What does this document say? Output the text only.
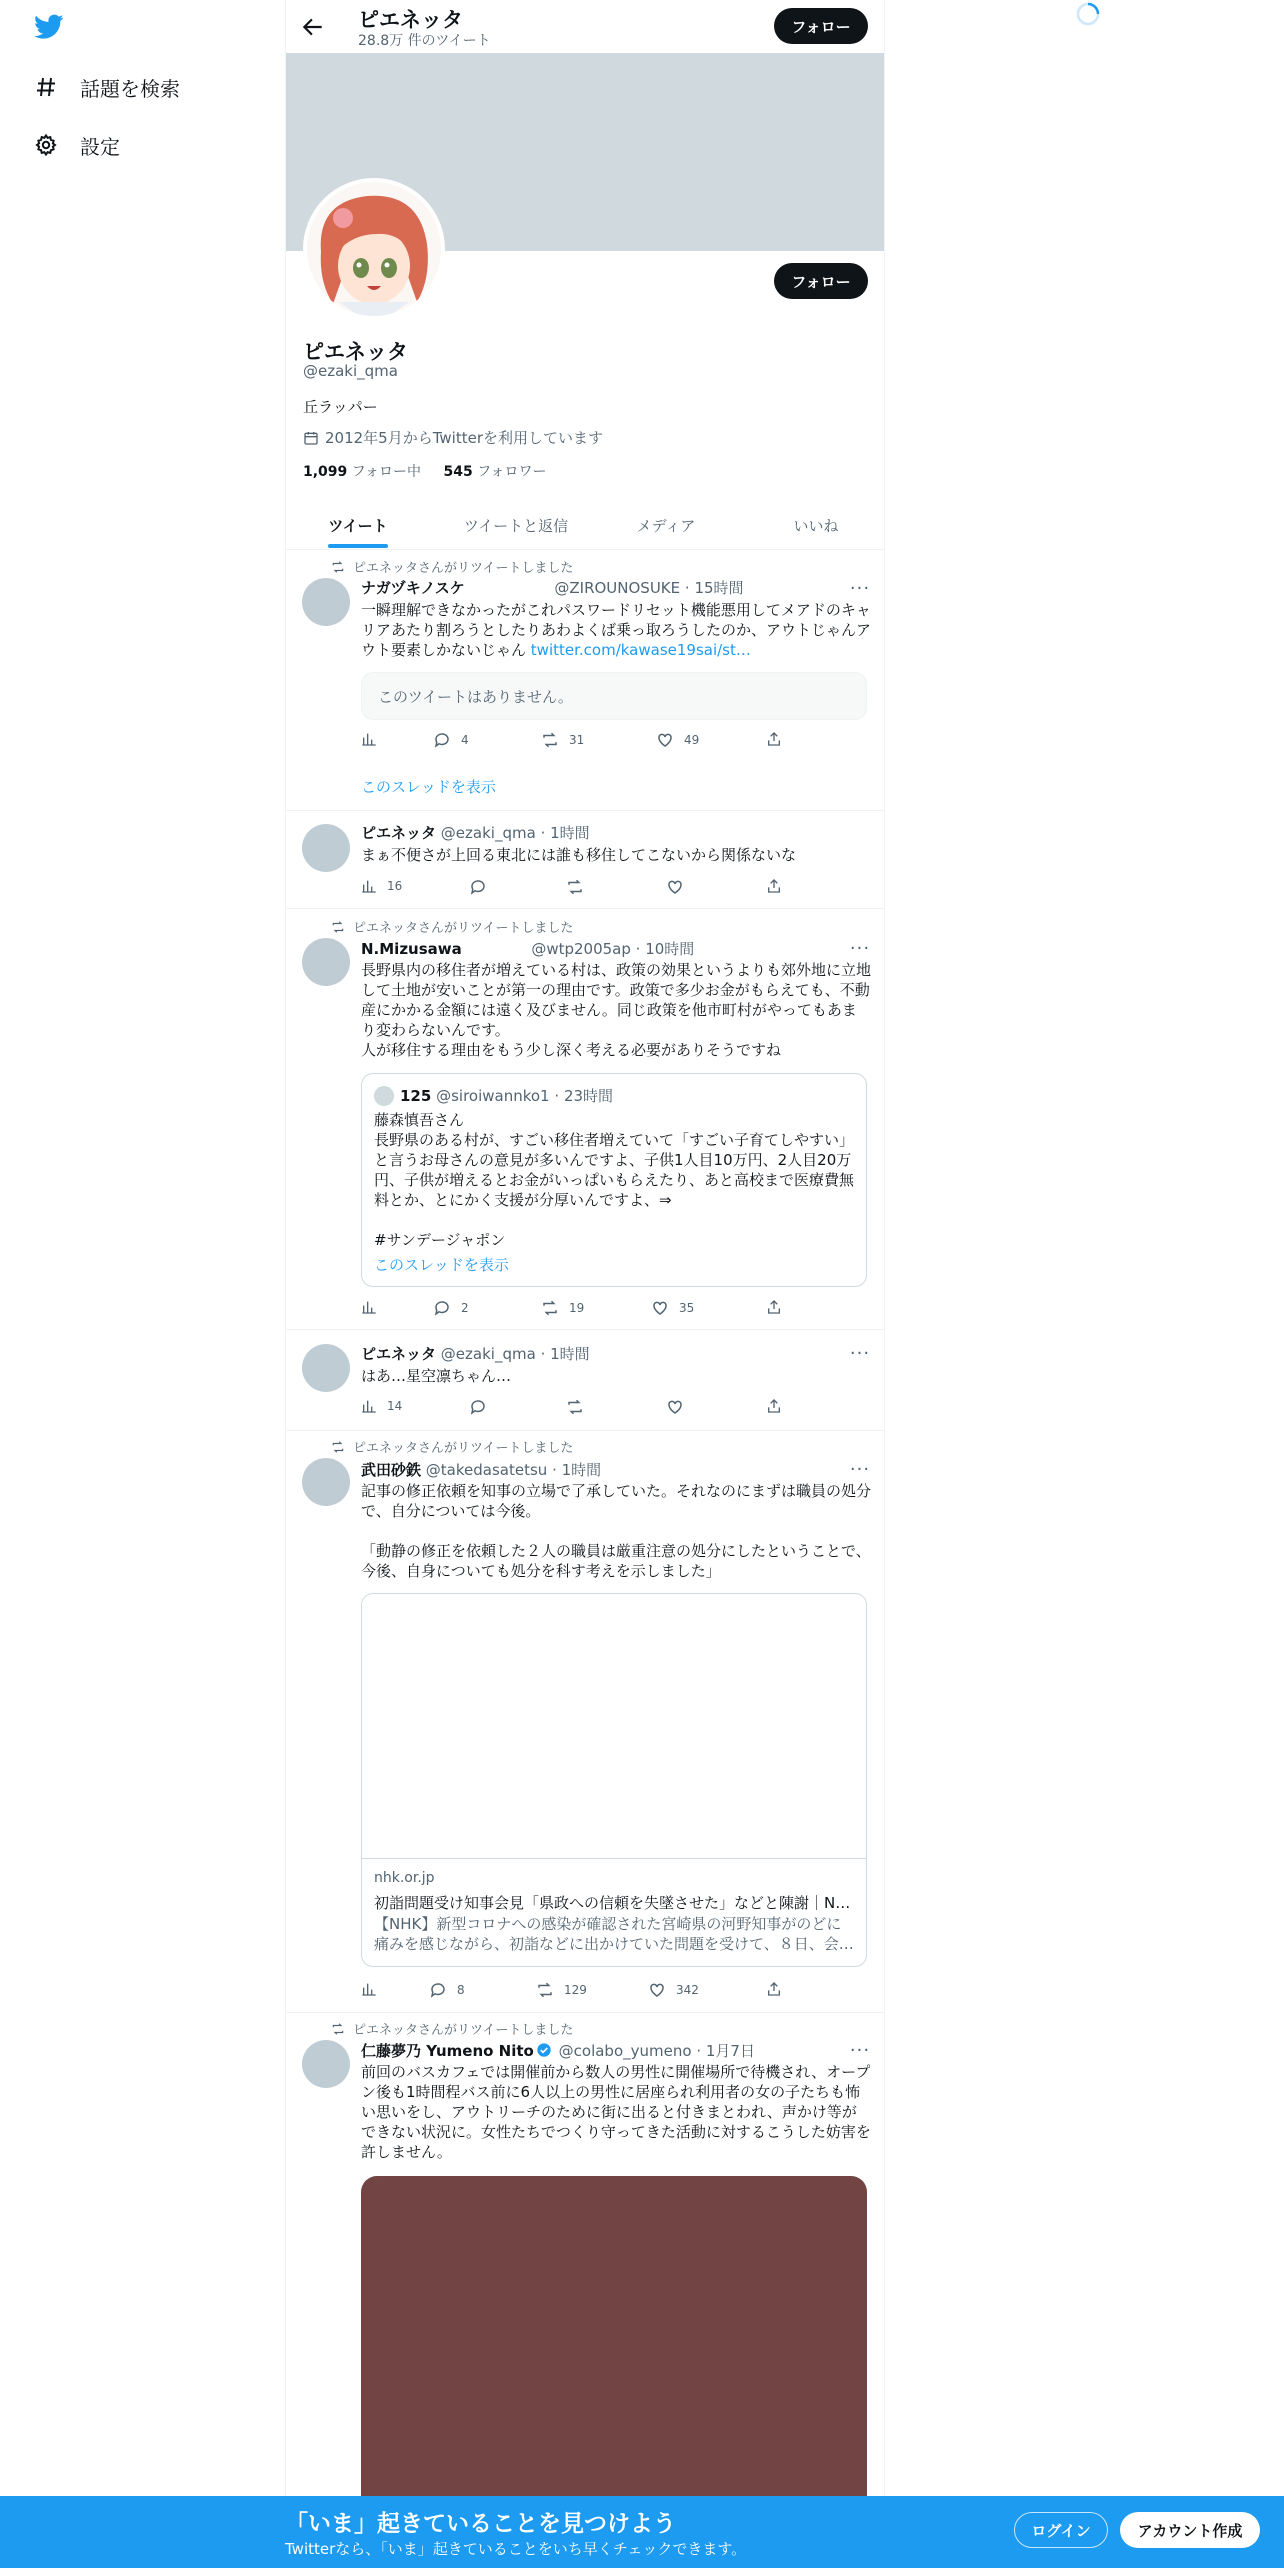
話題を検索
設定
ピエネッタ
28.8万 件のツイート
フォロー
フォロー
ピエネッタ
@ezaki_qma
丘ラッパー
2012年5月からTwitterを利用しています
1,099 フォロー中 545 フォロワー
ツイート	ツイートと返信	メディア	いいね
ピエネッタさんがリツイートしました
ナガヅキノスケ	@ZIROUNOSUKE · 15時間	···
一瞬理解できなかったがこれパスワードリセット機能悪用してメアドのキャリアあたり割ろうとしたりあわよくば乗っ取ろうしたのか、アウトじゃんアウト要素しかないじゃん twitter.com/kawase19sai/st…
このツイートはありません。
4	31	49
このスレッドを表示
ピエネッタ @ezaki_qma · 1時間
まぁ不便さが上回る東北には誰も移住してこないから関係ないな
16
ピエネッタさんがリツイートしました
N.Mizusawa	@wtp2005ap · 10時間	···
長野県内の移住者が増えている村は、政策の効果というよりも郊外地に立地して土地が安いことが第一の理由です。政策で多少お金がもらえても、不動産にかかる金額には遠く及びません。同じ政策を他市町村がやってもあまり変わらないんです。
人が移住する理由をもう少し深く考える必要がありそうですね
125 @siroiwannko1 · 23時間
藤森慎吾さん
長野県のある村が、すごい移住者増えていて「すごい子育てしやすい」と言うお母さんの意見が多いんですよ、子供1人目10万円、2人目20万円、子供が増えるとお金がいっぱいもらえたり、あと高校まで医療費無料とか、とにかく支援が分厚いんですよ、⇒

#サンデージャポン
このスレッドを表示
2	19	35
ピエネッタ @ezaki_qma · 1時間	···
はあ…星空凛ちゃん…
14
ピエネッタさんがリツイートしました
武田砂鉄 @takedasatetsu · 1時間	···
記事の修正依頼を知事の立場で了承していた。それなのにまずは職員の処分で、自分については今後。

「動静の修正を依頼した２人の職員は厳重注意の処分にしたということで、今後、自身についても処分を科す考えを示しました」
nhk.or.jp
初詣問題受け知事会見「県政への信頼を失墜させた」などと陳謝｜N…
【NHK】新型コロナへの感染が確認された宮崎県の河野知事がのどに痛みを感じながら、初詣などに出かけていた問題を受けて、８日、会…
8	129	342
ピエネッタさんがリツイートしました
仁藤夢乃 Yumeno Nito @colabo_yumeno · 1月7日	···
前回のバスカフェでは開催前から数人の男性に開催場所で待機され、オープン後も1時間程バス前に6人以上の男性に居座られ利用者の女の子たちも怖い思いをし、アウトリーチのために街に出ると付きまとわれ、声かけ等ができない状況に。女性たちでつくり守ってきた活動に対するこうした妨害を許しません。
「いま」起きていることを見つけよう
Twitterなら、「いま」起きていることをいち早くチェックできます。
ログイン	アカウント作成
